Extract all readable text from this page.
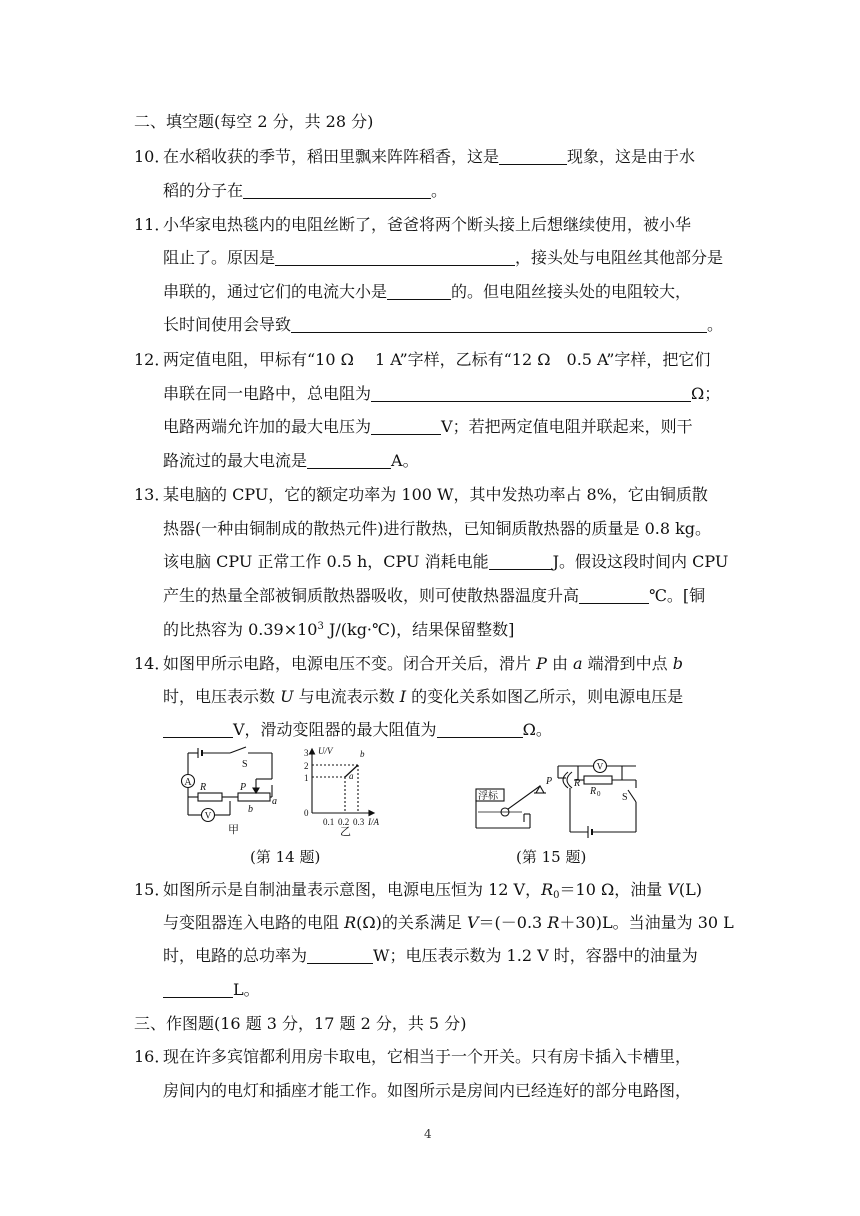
二、填空题(每空 2 分，共 28 分)
10．
在水稻收获的季节，稻田里飘来阵阵稻香，这是	现象，这是由于水
稻的分子在	。
11．
小华家电热毯内的电阻丝断了，爸爸将两个断头接上后想继续使用，被小华
阻止了。原因是	，接头处与电阻丝其他部分是
串联的，通过它们的电流大小是	的。但电阻丝接头处的电阻较大，
长时间使用会导致	。
12．
两定值电阻，甲标有“10 Ω　 1 A”字样，乙标有“12 Ω　0.5 A”字样，把它们
串联在同一电路中，总电阻为	Ω；
电路两端允许加的最大电压为	V；若把两定值电阻并联起来，则干
路流过的最大电流是	A。
13．
某电脑的 CPU，它的额定功率为 100 W，其中发热功率占 8%，它由铜质散
热器(一种由铜制成的散热元件)进行散热，已知铜质散热器的质量是 0.8 kg。
该电脑 CPU 正常工作 0.5 h，CPU 消耗电能	J。假设这段时间内 CPU
产生的热量全部被铜质散热器吸收，则可使散热器温度升高	℃。[铜
的比热容为 $0.39\times 10^3$ J/(kg·℃)，结果保留整数]
14．
如图甲所示电路，电源电压不变。闭合开关后，滑片 P 由 a 端滑到中点 b
时，电压表示数 U 与电流表示数 I 的变化关系如图乙所示，则电源电压是
V，滑动变阻器的最大阻值为	Ω。
A
V
S
R	P
a
b
甲
U/V
3
2
1
0
0.1 0.2 0.3 I/A
a
b
乙
浮标
V
P R
R 0 S
(第 14 题)	(第 15 题)
15．
如图所示是自制油量表示意图，电源电压恒为 12 V，$R_0=10$ Ω，油量 V(L)
与变阻器连入电路的电阻 R(Ω)的关系满足 V＝(－0.3 R＋30)L。当油量为 30 L
时，电路的总功率为	W；电压表示数为 1.2 V 时，容器中的油量为
L。
三、作图题(16 题 3 分，17 题 2 分，共 5 分)
16．
现在许多宾馆都利用房卡取电，它相当于一个开关。只有房卡插入卡槽里，
房间内的电灯和插座才能工作。如图所示是房间内已经连好的部分电路图，
4
